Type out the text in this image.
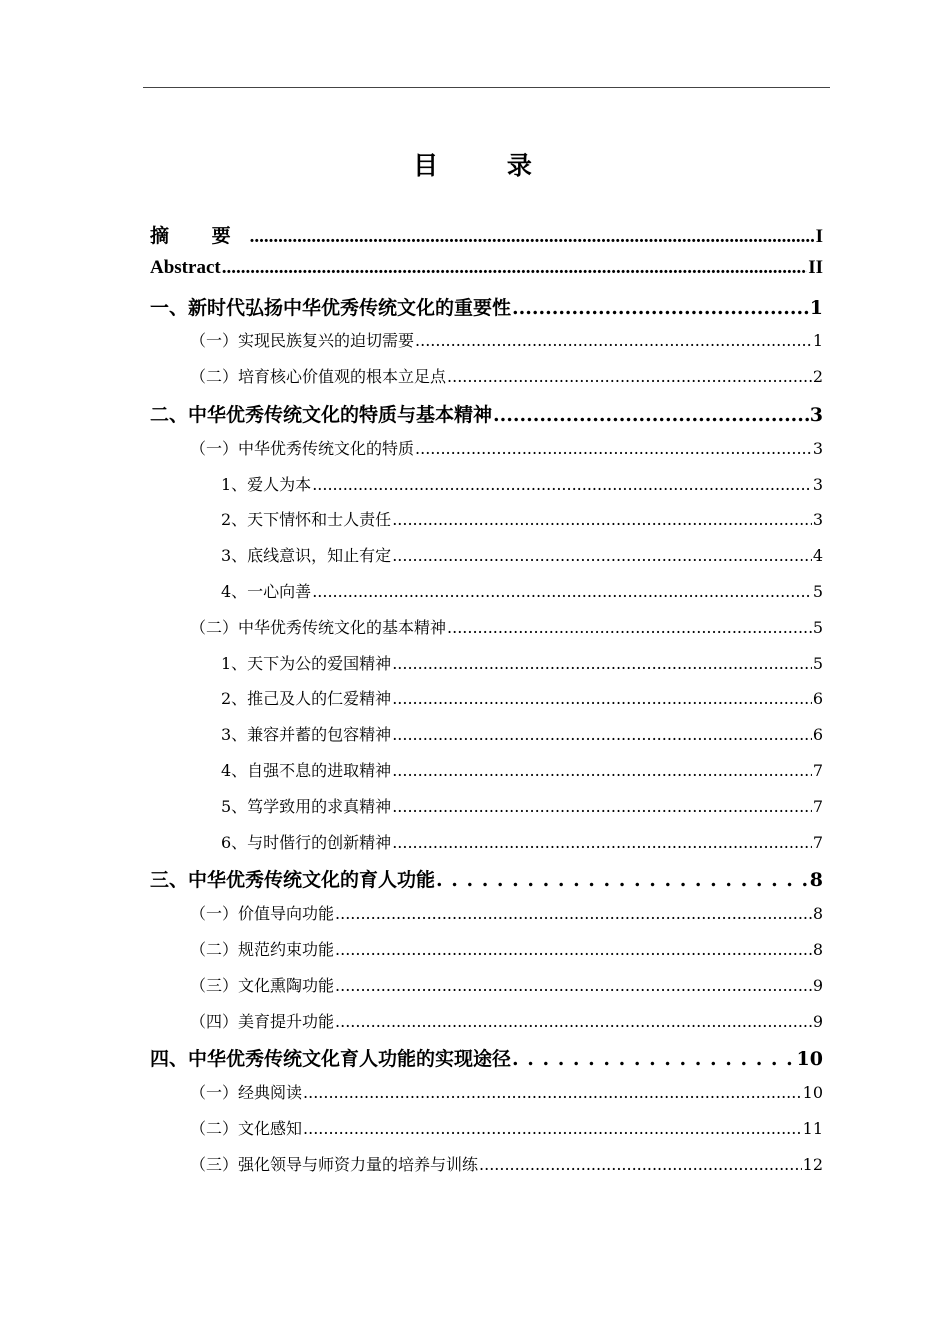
目 录
摘 要 .....	I
Abstract .....	II
一、新时代弘扬中华优秀传统文化的重要性 .....	1
（一）实现民族复兴的迫切需要 .....	1
（二）培育核心价值观的根本立足点 .....	2
二、中华优秀传统文化的特质与基本精神 .....	3
（一）中华优秀传统文化的特质 .....	3
1、爱人为本 .....	3
2、天下情怀和士人责任 .....	3
3、底线意识，知止有定 .....	4
4、一心向善 .....	5
（二）中华优秀传统文化的基本精神 .....	5
1、天下为公的爱国精神 .....	5
2、推己及人的仁爱精神 .....	6
3、兼容并蓄的包容精神 .....	6
4、自强不息的进取精神 .....	7
5、笃学致用的求真精神 .....	7
6、与时偕行的创新精神 .....	7
三、中华优秀传统文化的育人功能 . . .	8
（一）价值导向功能 .....	8
（二）规范约束功能 .....	8
（三）文化熏陶功能 .....	9
（四）美育提升功能 .....	9
四、中华优秀传统文化育人功能的实现途径 . . .	10
（一）经典阅读 .....	10
（二）文化感知 .....	11
（三）强化领导与师资力量的培养与训练 .....	12
